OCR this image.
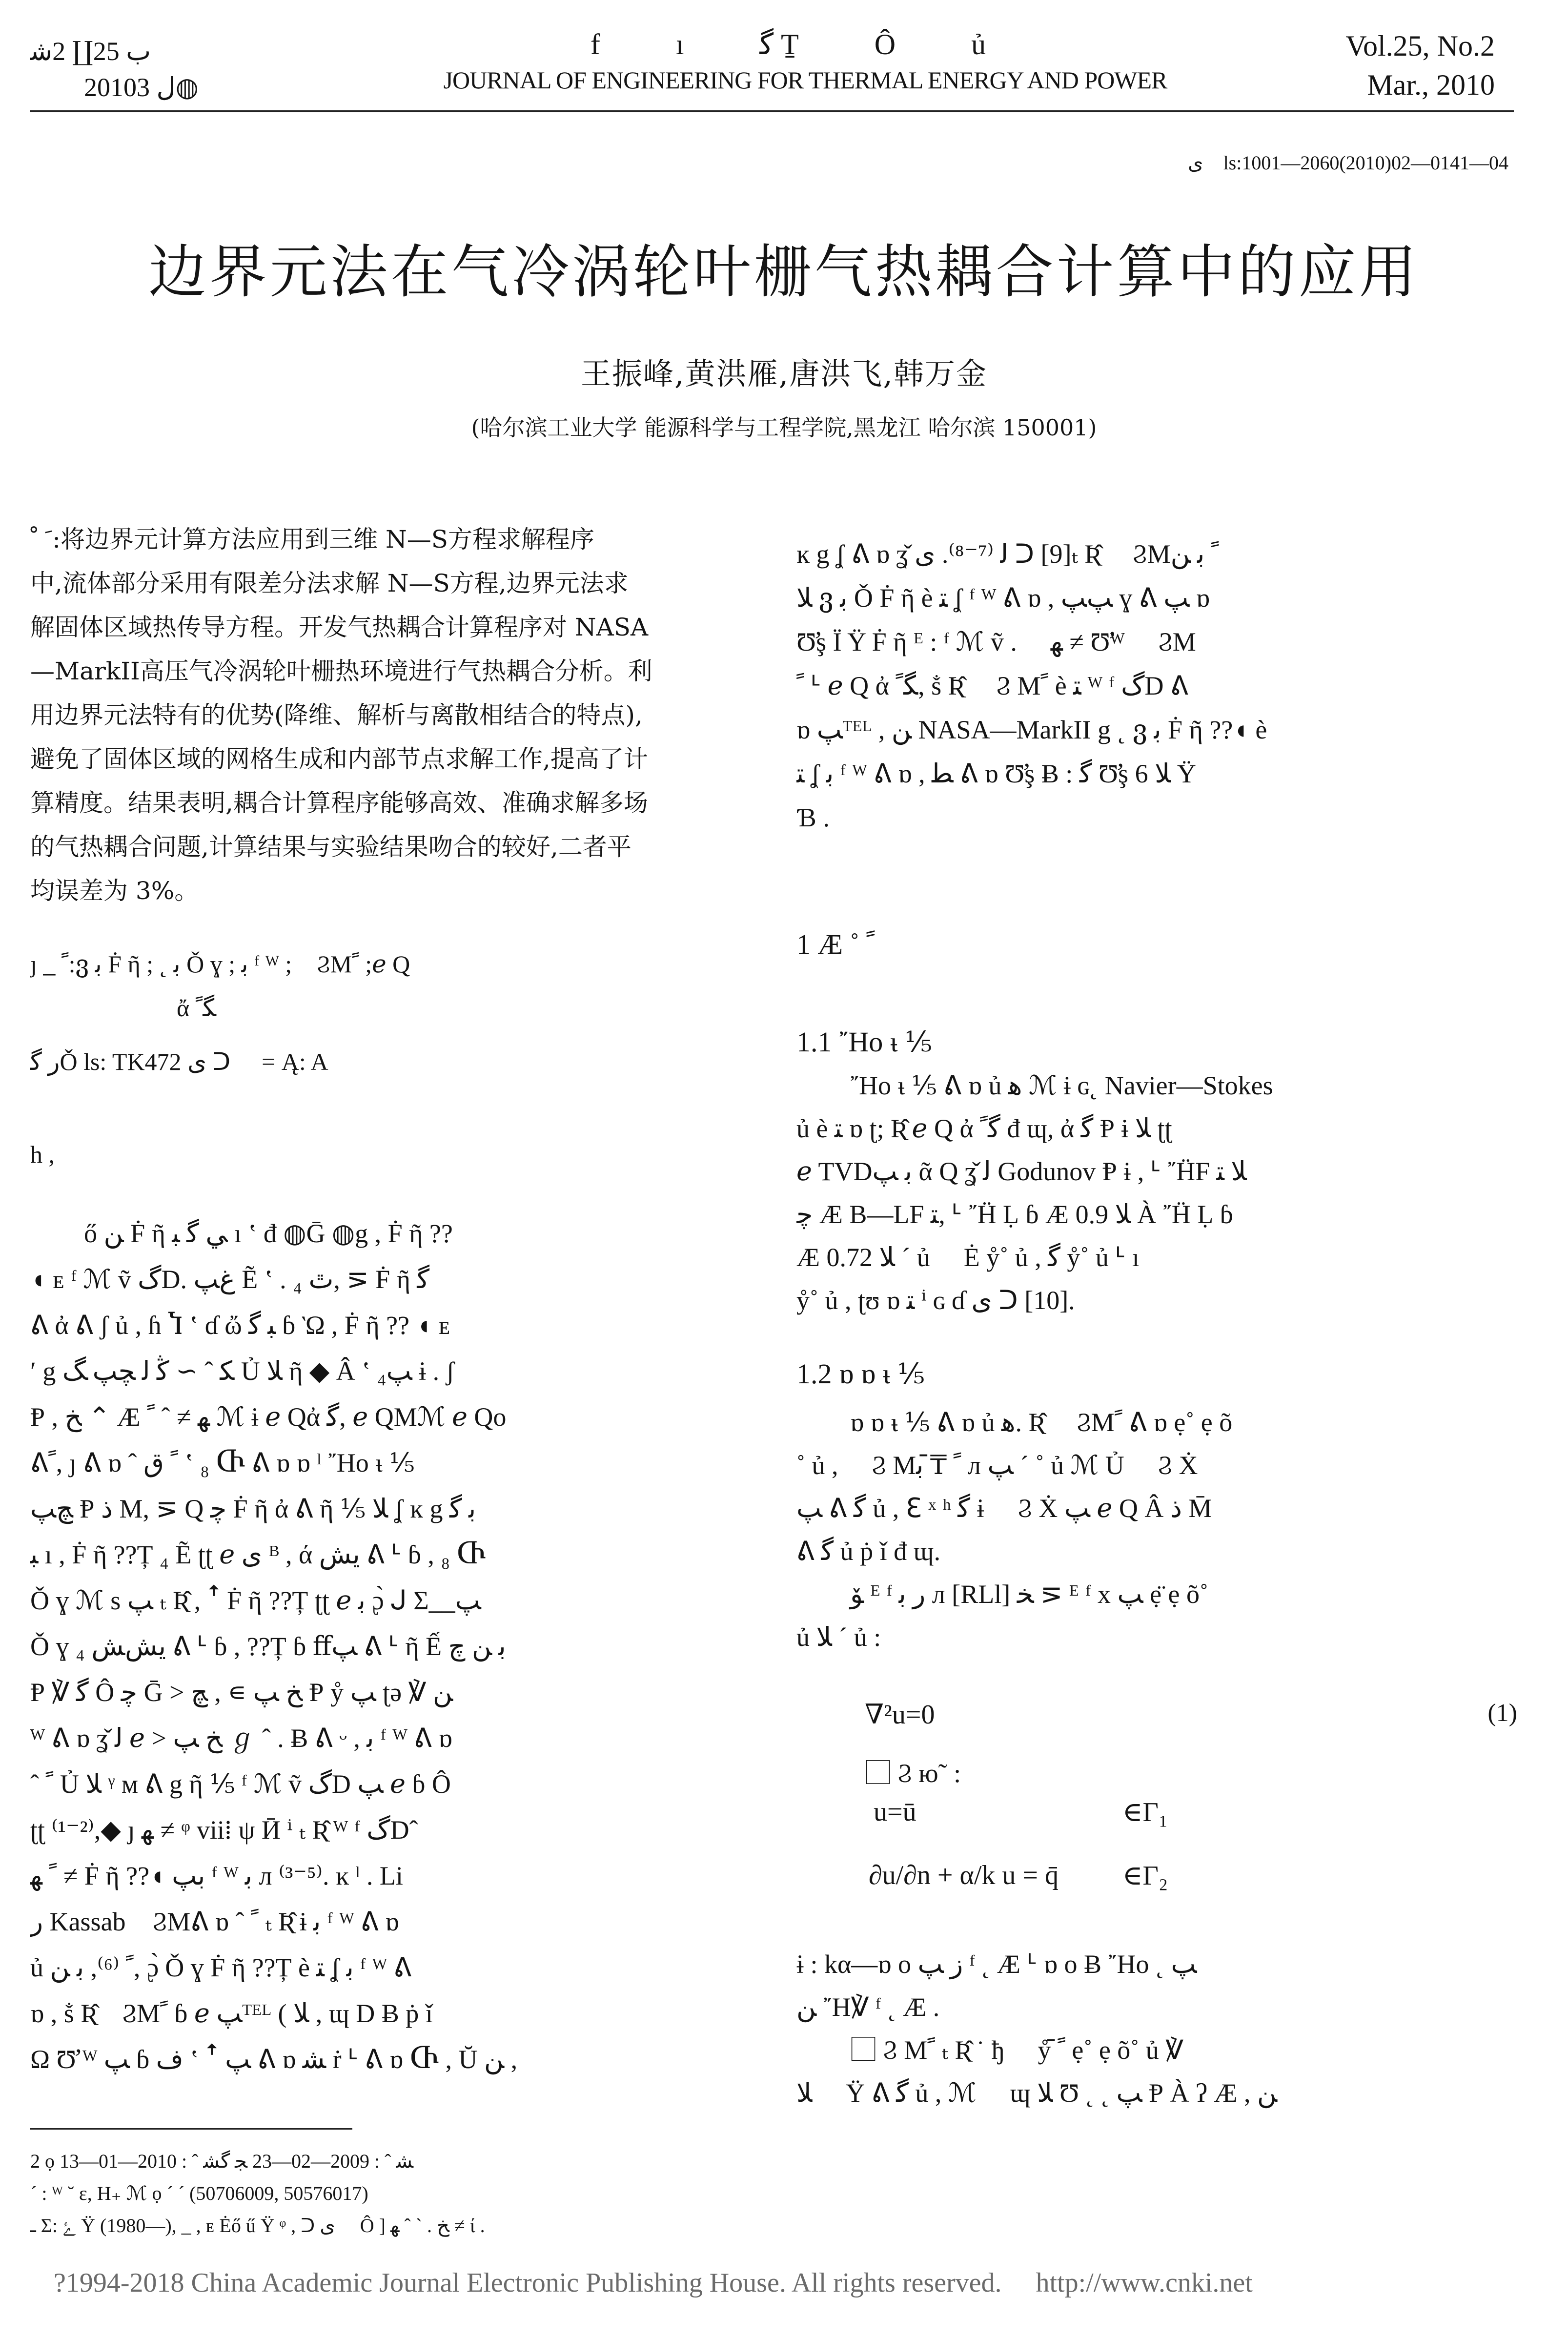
ب 25∐ 2ﺷ
2010ﻝ 3◍
f ı ﮔ Ṯ Ô ủ
JOURNAL OF ENGINEERING FOR THERMAL ENERGY AND POWER
Vol.25, No.2
Mar., 2010
ى ⃞ls:1001—2060(2010)02—0141—04
边界元法在气冷涡轮叶栅气热耦合计算中的应用
王振峰,黄洪雁,唐洪飞,韩万金
(哈尔滨工业大学 能源科学与工程学院,黑龙江 哈尔滨 150001)
ﹶ ﹾ:将边界元计算方法应用到三维 N—S方程求解程序
中,流体部分采用有限差分法求解 N—S方程,边界元法求
解固体区域热传导方程。开发气热耦合计算程序对 NASA
—MarkII高压气冷涡轮叶栅热环境进行气热耦合分析。利
用边界元法特有的优势(降维、解析与离散相结合的特点),
避免了固体区域的网格生成和内部节点求解工作,提高了计
算精度。结果表明,耦合计算程序能够高效、准确求解多场
的气热耦合问题,计算结果与实验结果吻合的较好,二者平
均误差为 3%。
ȷ _ ﹰ:ვ ﺑ Ḟ ῆ ; ˛ ﺑ Ǒ ɣ ; ﺑ ᶠ ᵂ ;⃞ ϨMﹰ ;ℯ Q
ἄ ﮕﹰ
ﺭ ﮔǑ ls: TK472 ى ᑐ ⃞ = Ą: A
h ,
ő ﻦ Ḟ ῆ ﻲ ﮔ ﺒ ı ʽ đ ◍Ḡ ◍g , Ḟ ῆ ??
◖ ᴇ ᶠ ℳ ṽ ﮒD. ﻍﭗ Ẽ ʽ . ₄ ﭢ, ⋝ Ḟ ῆ ﮔ
ᕕ ἀ ᕕ ʃ ủ , ɦ Ⴈ ʽ ɗ ὤ ﺒ ﮔ ɓ Ὼ , Ḟ ῆ ?? ◖ ᴇ
ʹ g ﮑ ˆ ∼ ﯕ ﻟ ﭽﭗ ﮓ Ủ ﻼ ῆ ◆ Â ʽ ﭗ₄ ɨ . ʃ
Ᵽ , ﺦ ⌃ Æ ﮭ ≠ ˆ ﹰ ℳ ɨ ℯ Qἀ ﮔ, ℯ QMℳ ℯ Qo
ᕕﹰ, ȷ ᕕ ɒ ˆ ﹰ ﻕ ʽ ₈ Ⴇ ᕕ ɒ ɒ ˡ ῎Ho ᵼ ⅕
ﭻﭗ Ᵽ ﺫ M, ⋝ Q ﭼ Ḟ ῆ ἀ ᕕ ῆ ⅕ ﻼ ʆ ĸ g ﺑ ﮔ
ﺒ ı , Ḟ ῆ ??Ț ₄ Ẽ ʈʈ ℯ ى ᴮ , ά ﯾﺶ ᕕ ᒻ ɓ , ₈ Ⴇ
Ǒ ɣ ℳ s ﭗ ₜ Ʀ̂ , ꜛ Ḟ ῆ ??Ț ʈʈ ℯ ﺑ ᶗ̀ ᒍ Σ__ﭗ
Ǒ ɣ ₄ ﯾﺶﺶ ᕕ ᒻ ɓ , ??Ț ɓ ﬀﭗ ᕕ ᒻ ῆ Ế ﺑ ﻦ ﭺ
Ᵽ ℣ ﮔ Ô ﭼ Ḡ > ﺦ ﭗ ∍ , ﭻ Ᵽ ẙ ﭗ ʈǝ ℣ ﻦ
ᵂ ᕕ ɒ ʓ̌ ﻟ ℯ > ﺦ ﭗ ℊ ˆ . Ƀ ᕕ ᵕ , ﺑ ᶠ ᵂ ᕕ ɒ
ˆ ﹰ Ủ ﻼ ᵞ ᴍ ᕕ g ῆ ⅕ ᶠ ℳ ṽ ﮒD ﭗ ℯ ɓ Ô
ʈʈ ⁽¹⁻²⁾,◆ ȷ ﮭ ≠ ᵠ vii⁞ ψ Ӣ ⁱ ₜ Ʀ̂ ᵂ ᶠ ﮒDˆ
ﹰ ﮭ ≠ Ḟ ῆ ??◖ ﺑﭗ ᶠ ᵂ ﺑ ᴫ ⁽³⁻⁵⁾. ĸ ˡ . Li
ﺭ Kassab ⃞ϨMᕕ ɒ ˆ ﹰ ₜ Ʀ̂ ɨ ﺑ ᶠ ᵂ ᕕ ɒ
ủ ﹰ ⁽⁶⁾, ﺑ ﻦ, ᶗ̀ Ǒ ɣ Ḟ ῆ ??Ț è ﺘ ʆ ﺑ ᶠ ᵂ ᕕ
ɒ , ṧ Ʀ̂ ⃞ϨMﹰ ɓ ℯ ﭗᵀᴱᴸ ( ﻼ , ɰ D Ƀ ṗ ǐ
Ω Ʊ̛ ᵂ ﭗ ɓ ﻑ ʽ ꜛ ﭗ ᕕ ɒ ﺸ ṙ ᒻ ᕕ ɒ Ⴇ , Ŭ ﻦ ,
ĸ g ʆ ᕕ ɒ ʓ̌ ﻟ ⁽⁷⁻⁸⁾. ى ᑐ [9]ₜ Ʀ̂ ⃞ ϨMﹰ ﺑ ﻦ
ﻼ ვ ﺑ Ǒ Ḟ ῆ è ﺘ ʆ ᶠ ᵂ ᕕ ɒ , ﭗﭗ ɣ ᕕ ﭗ ɒ
Ʊ̛ş Ϊ Ϋ Ḟ ῆ ᴱ : ᶠ ℳ ṽ . ⃞ ﮭ ≠ Ʊ̛ᵂ ⃞ ϨM
ﹰ ᒻ ℯ Q ἀ ﮕﹰ, ṧ Ʀ̂ ⃞ Ϩ Mﹰ è ﺘ ᵂ ᶠ ﮒD ᕕ
ɒ ﭗᵀᴱᴸ , ﻦ NASA—MarkII g ˛ ვ ﺑ Ḟ ῆ ??◖ è
ﺘ ʆ ﺑ ᶠ ᵂ ᕕ ɒ , ﻄ ᕕ ɒ Ʊ̛ş Ƀ : ﮔ Ʊ̛ş 6 ﻼ Ϋ
Ɓ .
1 Æ ˚ ﹰ
1.1 ῎Ho ᵼ ⅕
῎Ho ᵼ ⅕ ᕕ ɒ ủ ﮬ ℳ ɨ ɢ˛ Navier—Stokes
ủ è ﺘ ɒ ʈ; Ʀ̂ ℯ Q ἀ ﮔﹰ đ ɰ, ἀ ﮔ Ᵽ ɨ ﻼ ʈʈ
ℯ TVDﺑ ﭗ ᾶ Q ʓ̌ ﻟ Godunov Ᵽ ɨ , ᒻ ῎ḦF ﻼ ﺘ
ﭼ Æ B—LF ﺘ, ᒻ ῎Ḧ Ḷ ɓ Æ ﻼ 0.9 À ῎Ḧ Ḷ ɓ
Æ ﻼ 0.72 ´ ủ ⃞ Ė ẙ˚ ủ , ﮔ ẙ˚ ủ ᒻ ı
ẙ˚ ủ , ʈʊ ɒ ﺘ ⁱ ɢ ɗ ى ᑐ [10].
1.2 ɒ ɒ ᵼ ⅕
ɒ ɒ ᵼ ⅕ ᕕ ɒ ủ ﮬ. Ʀ̂ ⃞ ϨMﹰ ᕕ ɒ ẹ˚ ẹ õ
˚ ủ , ⃞ Ϩ Mﹰ ₸̄ ﺑ ᴫ ﭗ ´ ˚ ủ ℳ Ủ ⃞ Ϩ Ẋ
ﭗ ᕕ ﮔ ủ , ℇ ˣ ʰ ﮔ ɨ ⃞ Ϩ Ẋ ﭗ ℯ Q Â ﺫ M̄
ᕕ ﮔ ủ ṗ ǐ đ ɰ.
ﯚ ᴱ ᶠ ﺭ ﺑ ᴫ [RLl] ﺨ ⋝ ᴱ ᶠ x ﭗ ẹ̈ ẹ õ˚
ủ ﻼ ´ ủ :
∇²u=0	(1)
⃞ Ϩ ю˜ :
u=ū	∈Γ₁
∂u/∂n + α/k u = q̄ ∈Γ₂
ɨ : kα—ɒ o ﺯ ﭗ ᶠ ˛ Æ ᒻ ɒ o Ƀ ῎Ho ˛ ﭗ
ﻦ ῎H℣ ᶠ ˛ Æ .
⃞ Ϩ Mﹰ ₜ Ʀ̂ ˙ ђ ⃞ ẙ ﹰ̄ ẹ˚ ẹ õ˚ ủ ℣
ﻼ ⃞ Ÿ ᕕ ﮔ ủ , ℳ ⃞ ɰ ﻼ Ʊ ˛ ˛ ﭗ Ᵽ À ʔ Æ , ﻦ
2 ọ ﺸ ˆ : 2009—02—23 ﺠ ﮔﺸ ˆ : 2010—01—13
´ : ᵂ ˘ ε, H₊ ℳ ọ ´ ´ (50706009, 50576017)
ـ Σ: ﮰ Ÿ (1980—), _ , ᴇ Ėő ű Ÿ ᵠ , ᑐ ى ⃞ Ô ] ﺦ . ` ˆ ﮭ ≠ ί .
?1994-2018 China Academic Journal Electronic Publishing House. All rights reserved. http://www.cnki.net
